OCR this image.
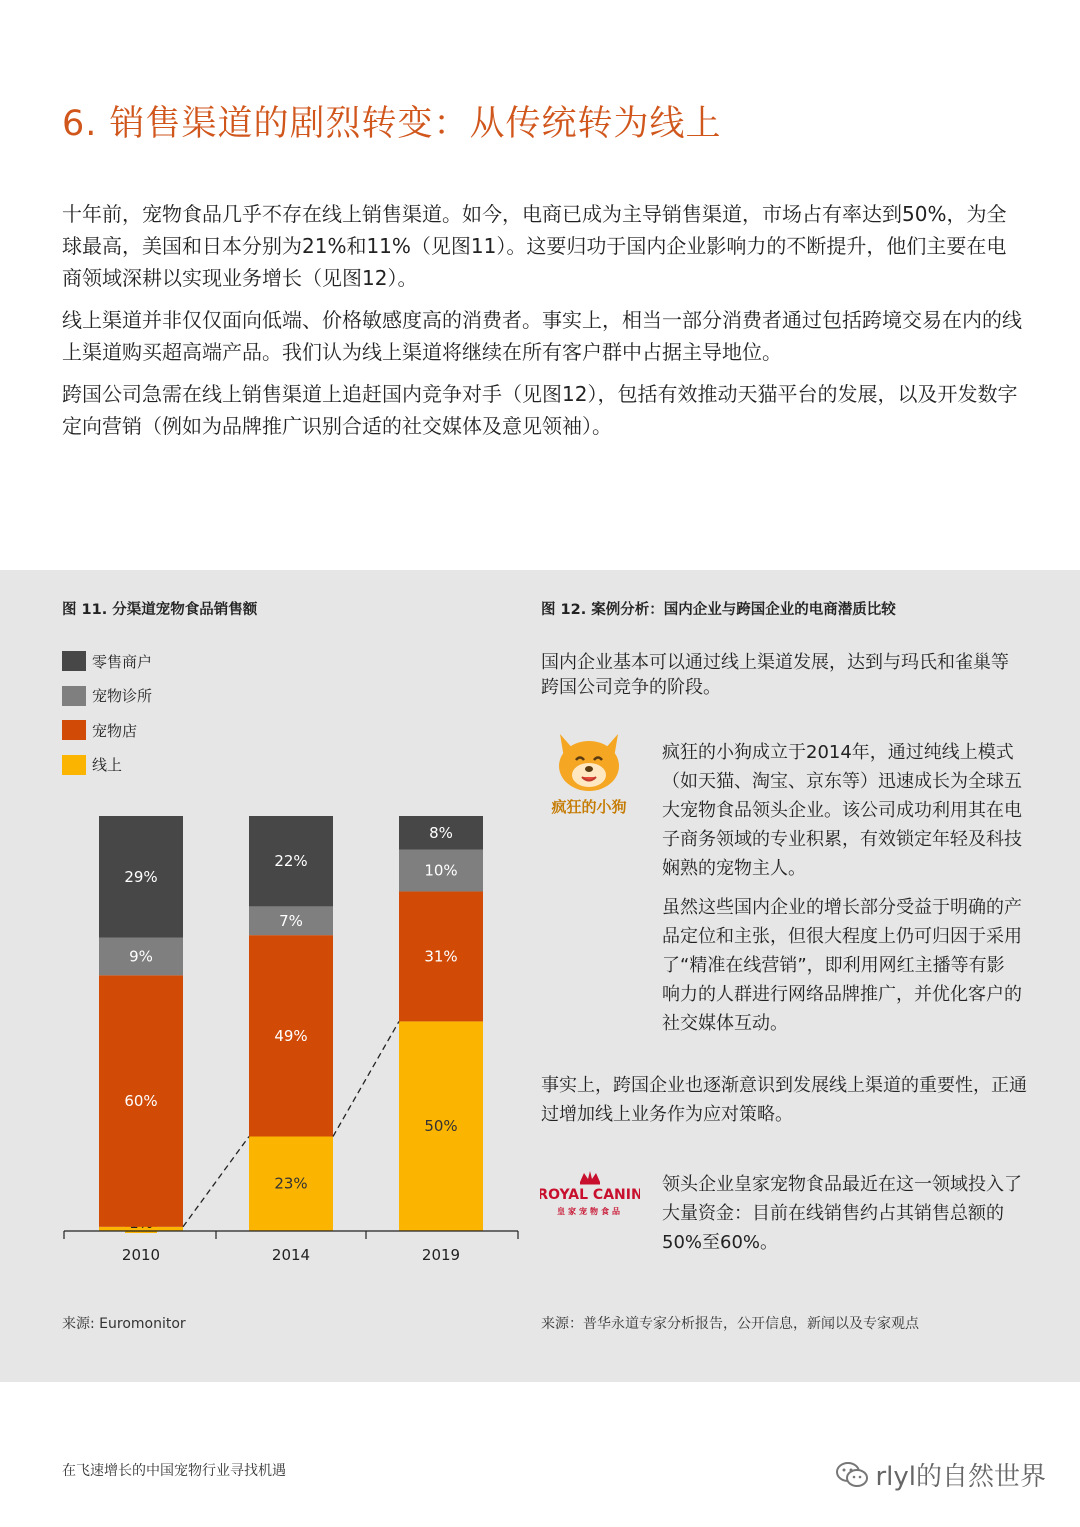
6. 销售渠道的剧烈转变：从传统转为线上

十年前，宠物食品几乎不存在线上销售渠道。如今，电商已成为主导销售渠道，市场占有率达到50%，为全球最高，美国和日本分别为21%和11%（见图11）。这要归功于国内企业影响力的不断提升，他们主要在电商领域深耕以实现业务增长（见图12）。

线上渠道并非仅仅面向低端、价格敏感度高的消费者。事实上，相当一部分消费者通过包括跨境交易在内的线上渠道购买超高端产品。我们认为线上渠道将继续在所有客户群中占据主导地位。

跨国公司急需在线上销售渠道上追赶国内竞争对手（见图12），包括有效推动天猫平台的发展，以及开发数字定向营销（例如为品牌推广识别合适的社交媒体及意见领袖）。

图 11. 分渠道宠物食品销售额

零售商户
宠物诊所
宠物店
线上
60%
9%
29%
2010
23%
49%
7%
22%
2014
50%
31%
10%
8%
2019

来源: Euromonitor

图 12. 案例分析：国内企业与跨国企业的电商潜质比较

国内企业基本可以通过线上渠道发展，达到与玛氏和雀巢等跨国公司竞争的阶段。

疯狂的小狗

疯狂的小狗成立于2014年，通过纯线上模式（如天猫、淘宝、京东等）迅速成长为全球五大宠物食品领头企业。该公司成功利用其在电子商务领域的专业积累，有效锁定年轻及科技娴熟的宠物主人。

虽然这些国内企业的增长部分受益于明确的产品定位和主张，但很大程度上仍可归因于采用了“精准在线营销”，即利用网红主播等有影响力的人群进行网络品牌推广，并优化客户的社交媒体互动。

事实上，跨国企业也逐渐意识到发展线上渠道的重要性，正通过增加线上业务作为应对策略。

ROYAL CANIN
皇家宠物食品

领头企业皇家宠物食品最近在这一领域投入了大量资金：目前在线销售约占其销售总额的50%至60%。

来源：普华永道专家分析报告，公开信息，新闻以及专家观点

在飞速增长的中国宠物行业寻找机遇	rlyl的自然世界
